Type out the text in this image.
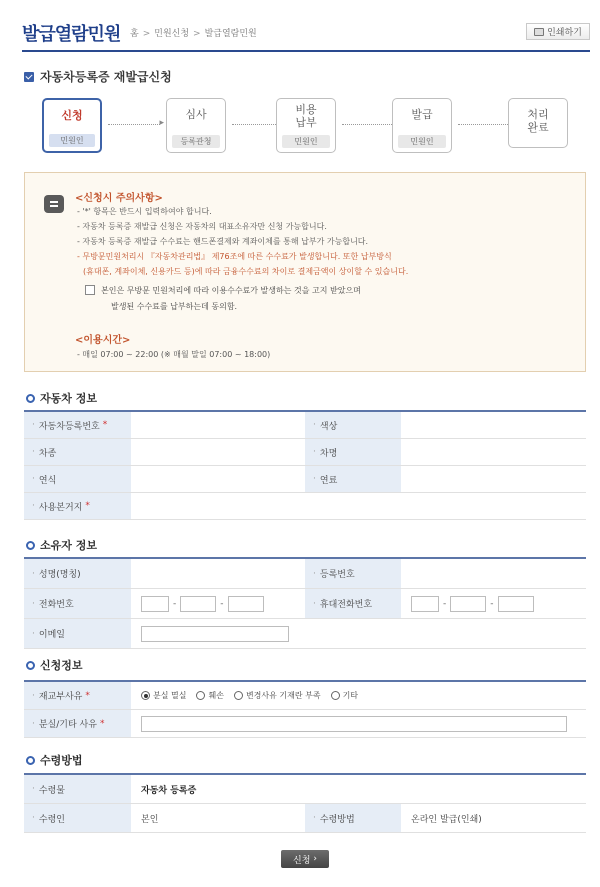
발급열람민원 홈 > 민원신청 > 발급열람민원	인쇄하기
자동차등록증 재발급신청
신청
민원인
▸
심사
등록관청
▸
비용
납부
민원인
▸
발급
민원인
▸
처리
완료
<신청시 주의사항>
- '*' 항목은 반드시 입력하여야 합니다.
- 자동차 등록증 재발급 신청은 자동차의 대표소유자만 신청 가능합니다.
- 자동차 등록증 재발급 수수료는 핸드폰결제와 계좌이체를 통해 납부가 가능합니다.
- 무방문민원처리시 『자동차관리법』 제76조에 따른 수수료가 발생합니다. 또한 납부방식
(휴대폰, 계좌이체, 신용카드 등)에 따라 금융수수료의 차이로 결제금액이 상이할 수 있습니다.
본인은 무방문 민원처리에 따라 이용수수료가 발생하는 것을 고지 받았으며
발생된 수수료를 납부하는데 동의함.
<이용시간>
- 매일 07:00 ~ 22:00 (※ 매월 말일 07:00 ~ 18:00)
자동차 정보
· 자동차등록번호 *	· 색상
· 차종	· 차명
· 연식	· 연료
· 사용본거지 *
소유자 정보
· 성명(명칭)	· 등록번호
· 전화번호	-	-	· 휴대전화번호	-	-
· 이메일
신청정보
· 재교부사유 *	분실 멸실	훼손	변경사유 기재란 부족	기타
· 분실/기타 사유 *
수령방법
· 수령물	자동차 등록증
· 수령인	본인	· 수령방법	온라인 발급(인쇄)
신청 ›
